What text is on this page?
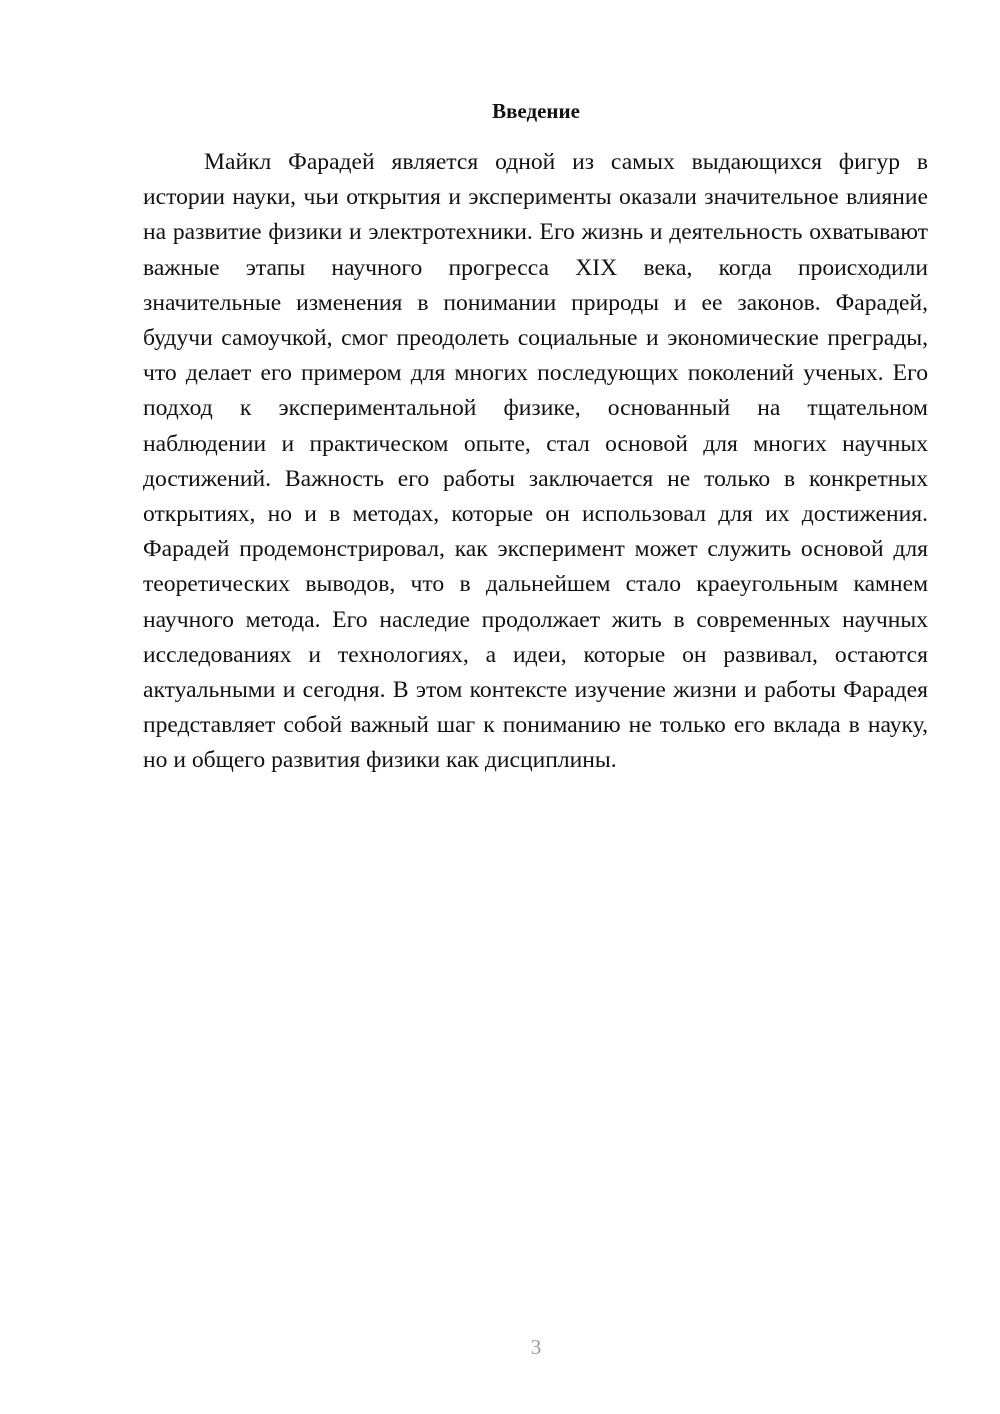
Введение

Майкл Фарадей является одной из самых выдающихся фигур в истории науки, чьи открытия и эксперименты оказали значительное влияние на развитие физики и электротехники. Его жизнь и деятельность охватывают важные этапы научного прогресса XIX века, когда происходили значительные изменения в понимании природы и ее законов. Фарадей, будучи самоучкой, смог преодолеть социальные и экономические преграды, что делает его примером для многих последующих поколений ученых. Его подход к экспериментальной физике, основанный на тщательном наблюдении и практическом опыте, стал основой для многих научных достижений. Важность его работы заключается не только в конкретных открытиях, но и в методах, которые он использовал для их достижения. Фарадей продемонстрировал, как эксперимент может служить основой для теоретических выводов, что в дальнейшем стало краеугольным камнем научного метода. Его наследие продолжает жить в современных научных исследованиях и технологиях, а идеи, которые он развивал, остаются актуальными и сегодня. В этом контексте изучение жизни и работы Фарадея представляет собой важный шаг к пониманию не только его вклада в науку, но и общего развития физики как дисциплины.

3
